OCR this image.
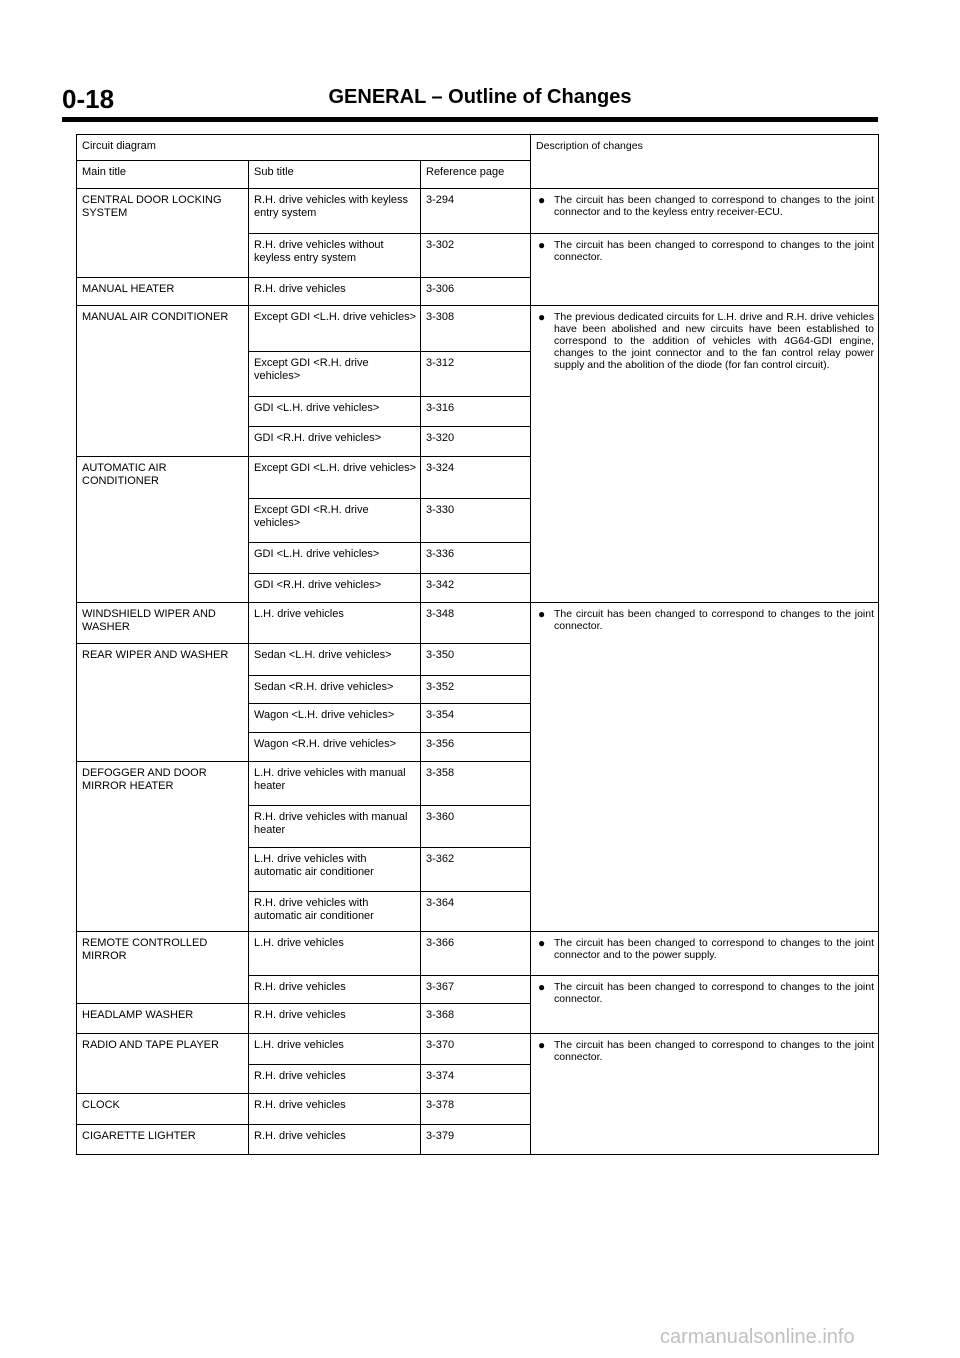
0-18	GENERAL – Outline of Changes
Circuit diagram			Description of changes
Main title	Sub title	Reference page	
CENTRAL DOOR LOCKING SYSTEM	R.H. drive vehicles with keyless entry system	3-294	● The circuit has been changed to correspond to changes to the joint connector and to the keyless entry receiver-ECU.

	R.H. drive vehicles without keyless entry system	3-302	● The circuit has been changed to correspond to changes to the joint connector.

MANUAL HEATER	R.H. drive vehicles	3-306	
MANUAL AIR CONDITIONER	Except GDI <L.H. drive vehicles>	3-308	● The previous dedicated circuits for L.H. drive and R.H. drive vehicles have been abolished and new circuits have been established to correspond to the addition of vehicles with 4G64-GDI engine, changes to the joint connector and to the fan control relay power supply and the abolition of the diode (for fan control circuit).

	Except GDI <R.H. drive vehicles>	3-312	
	GDI <L.H. drive vehicles>	3-316	
	GDI <R.H. drive vehicles>	3-320	
AUTOMATIC AIR CONDITIONER	Except GDI <L.H. drive vehicles>	3-324	
	Except GDI <R.H. drive vehicles>	3-330	
	GDI <L.H. drive vehicles>	3-336	
	GDI <R.H. drive vehicles>	3-342	
WINDSHIELD WIPER AND WASHER	L.H. drive vehicles	3-348	● The circuit has been changed to correspond to changes to the joint connector.

REAR WIPER AND WASHER	Sedan <L.H. drive vehicles>	3-350	
	Sedan <R.H. drive vehicles>	3-352	
	Wagon <L.H. drive vehicles>	3-354	
	Wagon <R.H. drive vehicles>	3-356	
DEFOGGER AND DOOR MIRROR HEATER	L.H. drive vehicles with manual heater	3-358	
	R.H. drive vehicles with manual heater	3-360	
	L.H. drive vehicles with automatic air conditioner	3-362	
	R.H. drive vehicles with automatic air conditioner	3-364	
REMOTE CONTROLLED MIRROR	L.H. drive vehicles	3-366	● The circuit has been changed to correspond to changes to the joint connector and to the power supply.

	R.H. drive vehicles	3-367	● The circuit has been changed to correspond to changes to the joint connector.

HEADLAMP WASHER	R.H. drive vehicles	3-368	
RADIO AND TAPE PLAYER	L.H. drive vehicles	3-370	● The circuit has been changed to correspond to changes to the joint connector.

	R.H. drive vehicles	3-374	
CLOCK	R.H. drive vehicles	3-378	
CIGARETTE LIGHTER	R.H. drive vehicles	3-379	
carmanualsonline.info
